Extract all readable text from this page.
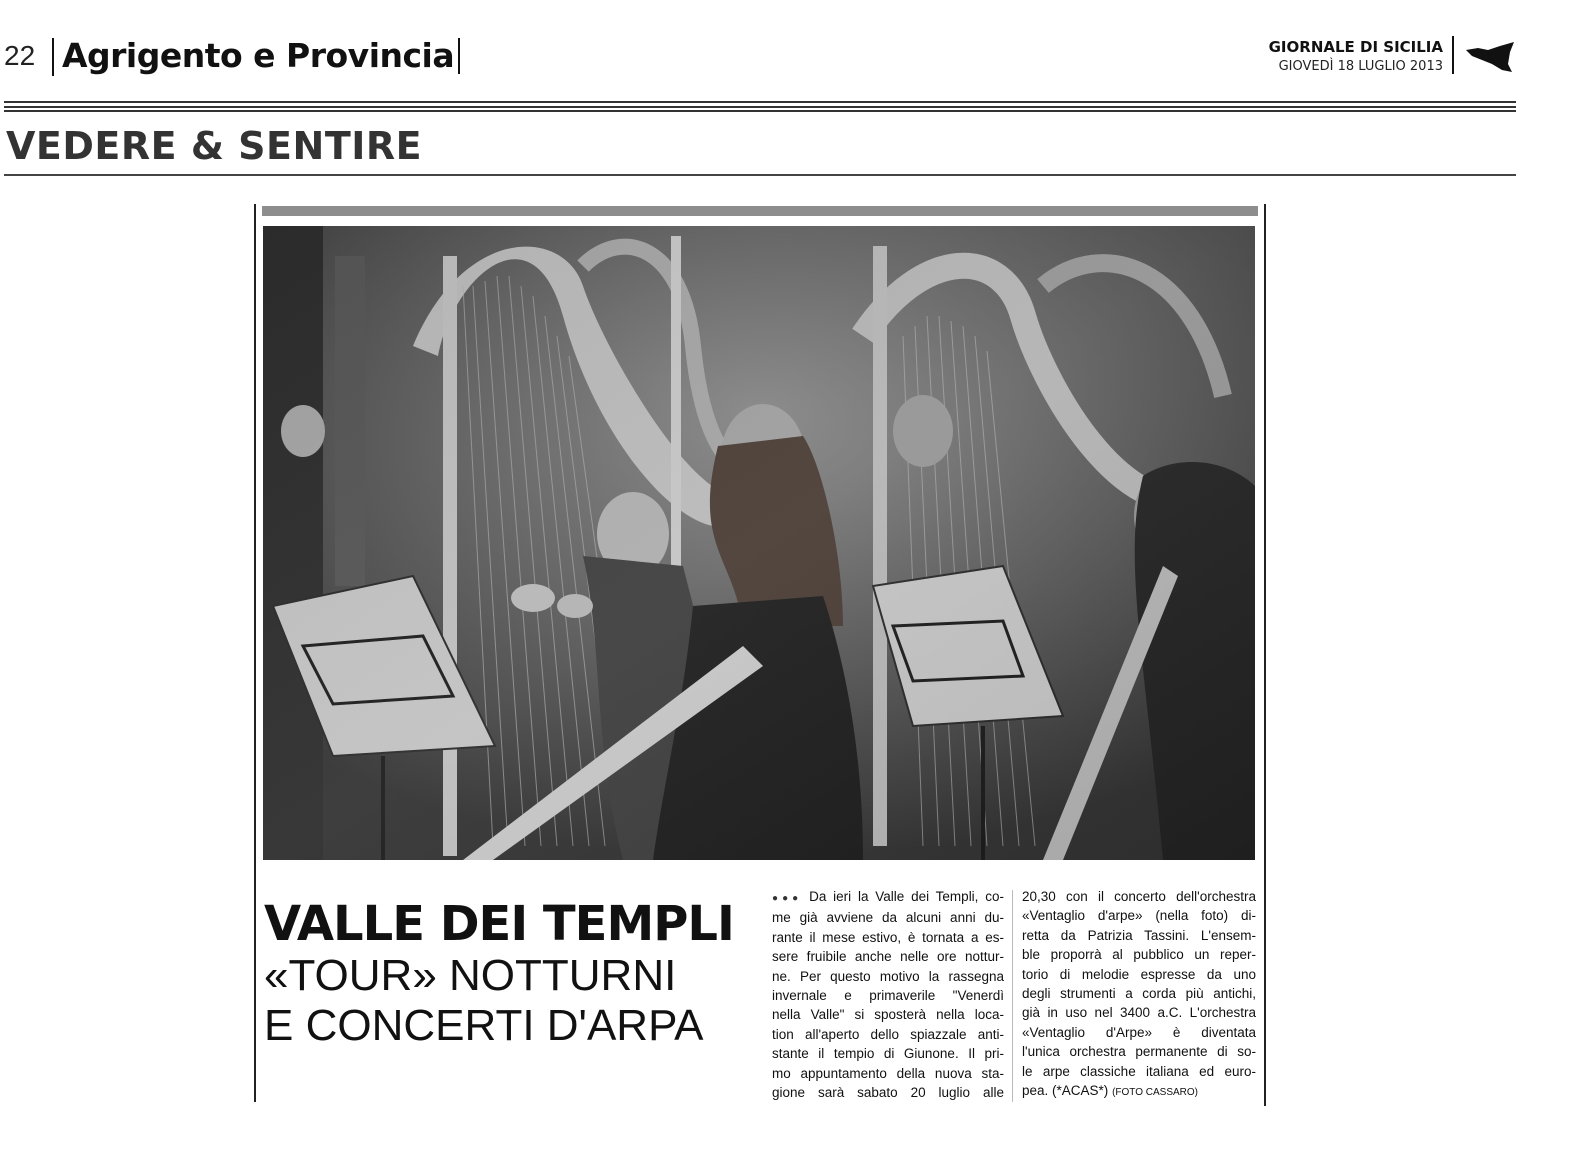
22 Agrigento e Provincia	GIORNALE DI SICILIA
GIOVEDÌ 18 LUGLIO 2013
VEDERE & SENTIRE
VALLE DEI TEMPLI
«TOUR» NOTTURNI
E CONCERTI D'ARPA
●●● Da ieri la Valle dei Templi, co-
me già avviene da alcuni anni du-
rante il mese estivo, è tornata a es-
sere fruibile anche nelle ore nottur-
ne. Per questo motivo la rassegna
invernale e primaverile "Venerdì
nella Valle" si sposterà nella loca-
tion all'aperto dello spiazzale anti-
stante il tempio di Giunone. Il pri-
mo appuntamento della nuova sta-
gione sarà sabato 20 luglio alle
20,30 con il concerto dell'orchestra
«Ventaglio d'arpe» (nella foto) di-
retta da Patrizia Tassini. L'ensem-
ble proporrà al pubblico un reper-
torio di melodie espresse da uno
degli strumenti a corda più antichi,
già in uso nel 3400 a.C. L'orchestra
«Ventaglio d'Arpe» è diventata
l'unica orchestra permanente di so-
le arpe classiche italiana ed euro-
pea. (*ACAS*) (FOTO CASSARO)
